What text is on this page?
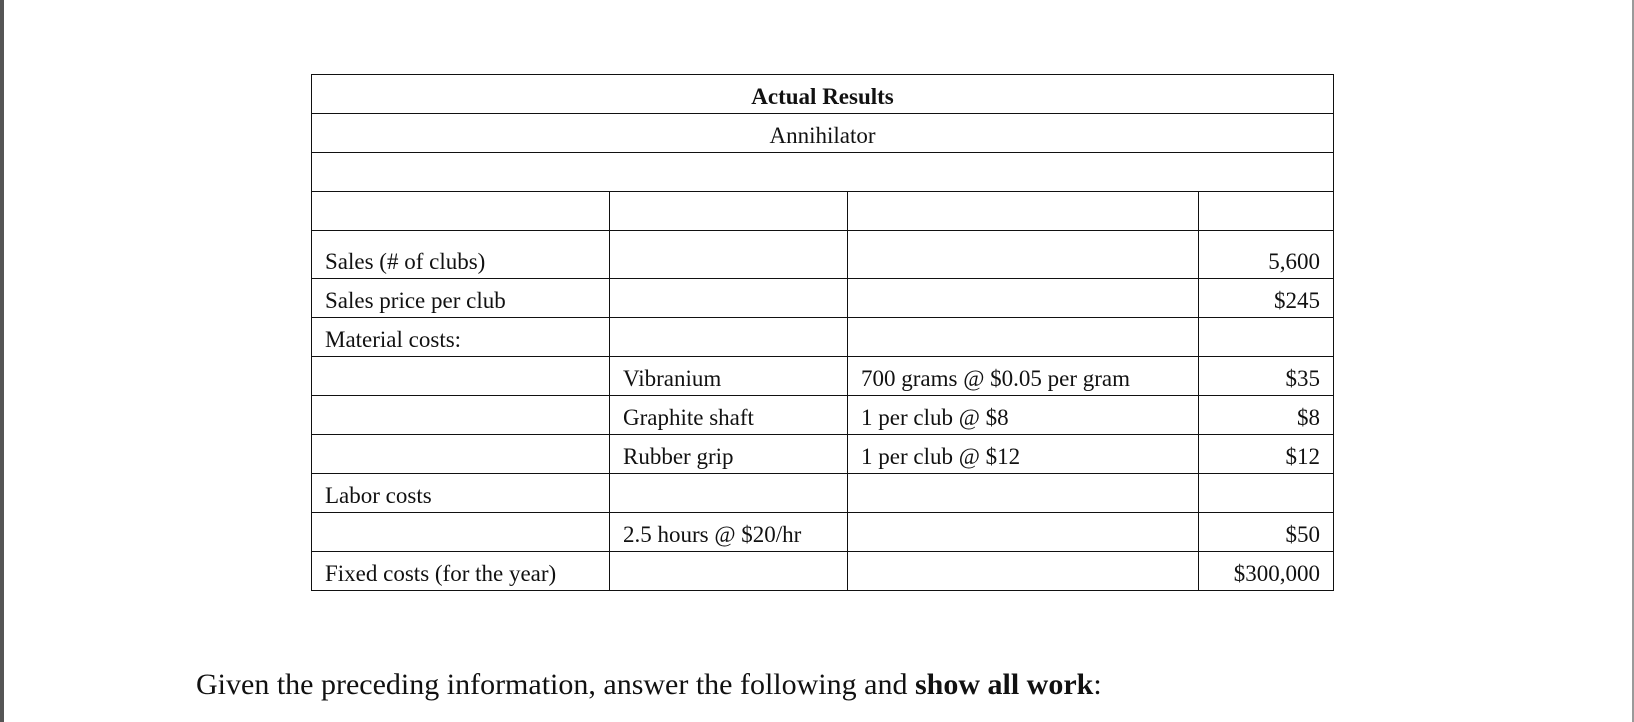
Actual Results			
Annihilator			

Sales (# of clubs)			5,600
Sales price per club			$245
Material costs:			
	Vibranium	700 grams @ $0.05 per gram	$35
	Graphite shaft	1 per club @ $8	$8
	Rubber grip	1 per club @ $12	$12
Labor costs			
	2.5 hours @ $20/hr		$50
Fixed costs (for the year)			$300,000
Given the preceding information, answer the following and show all work:
